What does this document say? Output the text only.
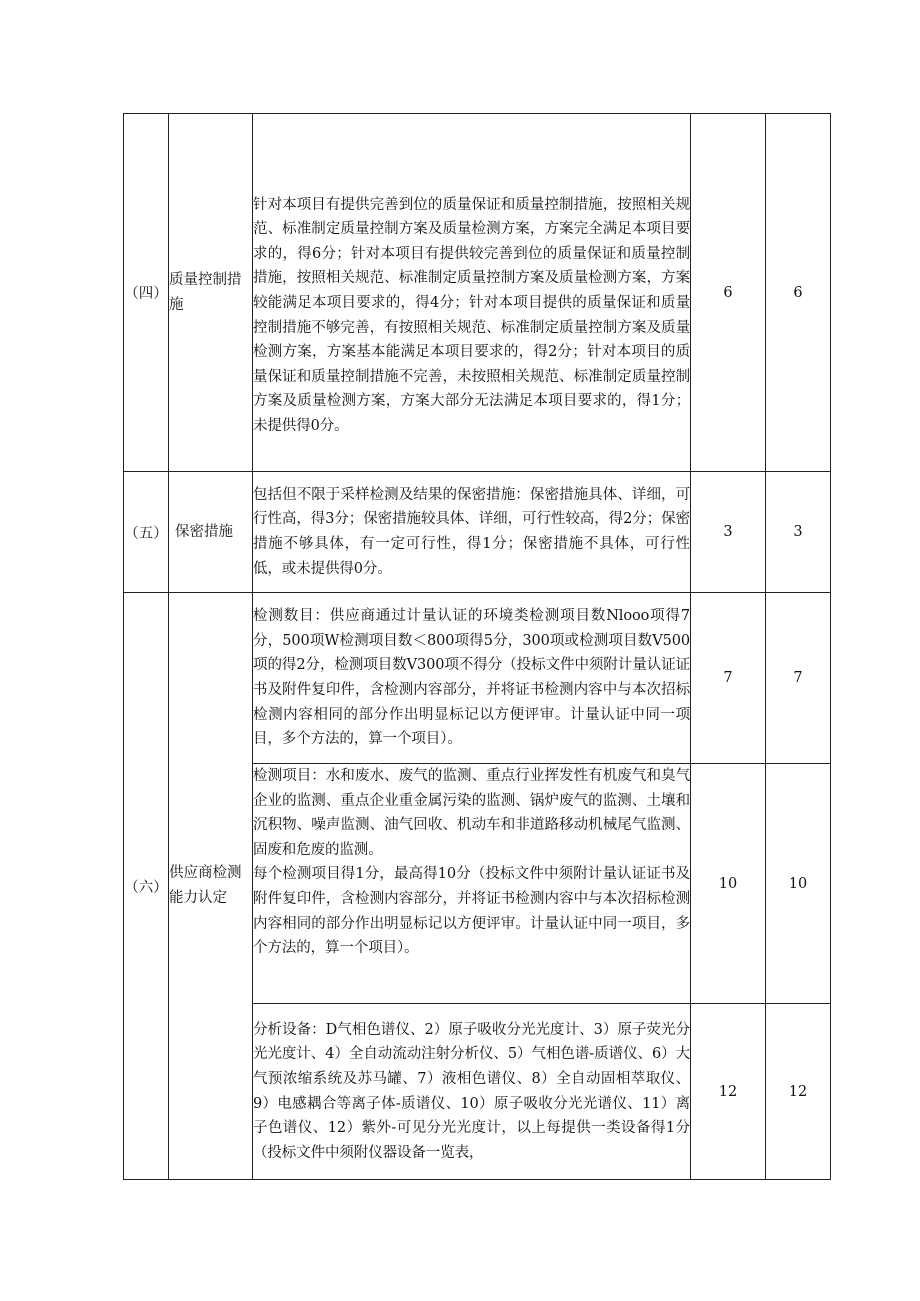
（四）	质量控制措施	针对本项目有提供完善到位的质量保证和质量控制措施，按照相关规范、标准制定质量控制方案及质量检测方案，方案完全满足本项目要求的，得6分；针对本项目有提供较完善到位的质量保证和质量控制措施，按照相关规范、标准制定质量控制方案及质量检测方案，方案较能满足本项目要求的，得4分；针对本项目提供的质量保证和质量控制措施不够完善，有按照相关规范、标准制定质量控制方案及质量检测方案，方案基本能满足本项目要求的，得2分；针对本项目的质量保证和质量控制措施不完善，未按照相关规范、标准制定质量控制方案及质量检测方案，方案大部分无法满足本项目要求的，得1分；未提供得0分。	6	6
（五）	保密措施	包括但不限于采样检测及结果的保密措施：保密措施具体、详细，可行性高，得3分；保密措施较具体、详细，可行性较高，得2分；保密措施不够具体，有一定可行性，得1分；保密措施不具体，可行性低，或未提供得0分。	3	3
（六）	供应商检测能力认定	检测数目：供应商通过计量认证的环境类检测项目数Nlooo项得7分，500项W检测项目数＜800项得5分，300项或检测项目数V500项的得2分，检测项目数V300项不得分（投标文件中须附计量认证证书及附件复印件，含检测内容部分，并将证书检测内容中与本次招标检测内容相同的部分作出明显标记以方便评审。计量认证中同一项目，多个方法的，算一个项目）。	7	7
		检测项目：水和废水、废气的监测、重点行业挥发性有机废气和臭气企业的监测、重点企业重金属污染的监测、锅炉废气的监测、土壤和沉积物、噪声监测、油气回收、机动车和非道路移动机械尾气监测、固废和危废的监测。
每个检测项目得1分，最高得10分（投标文件中须附计量认证证书及附件复印件，含检测内容部分，并将证书检测内容中与本次招标检测内容相同的部分作出明显标记以方便评审。计量认证中同一项目，多个方法的，算一个项目）。	10	10
		分析设备：D气相色谱仪、2）原子吸收分光光度计、3）原子荧光分光光度计、4）全自动流动注射分析仪、5）气相色谱-质谱仪、6）大气预浓缩系统及苏马罐、7）液相色谱仪、8）全自动固相萃取仪、9）电感耦合等离子体-质谱仪、10）原子吸收分光光谱仪、11）离子色谱仪、12）紫外-可见分光光度计，以上每提供一类设备得1分（投标文件中须附仪器设备一览表，	12	12
